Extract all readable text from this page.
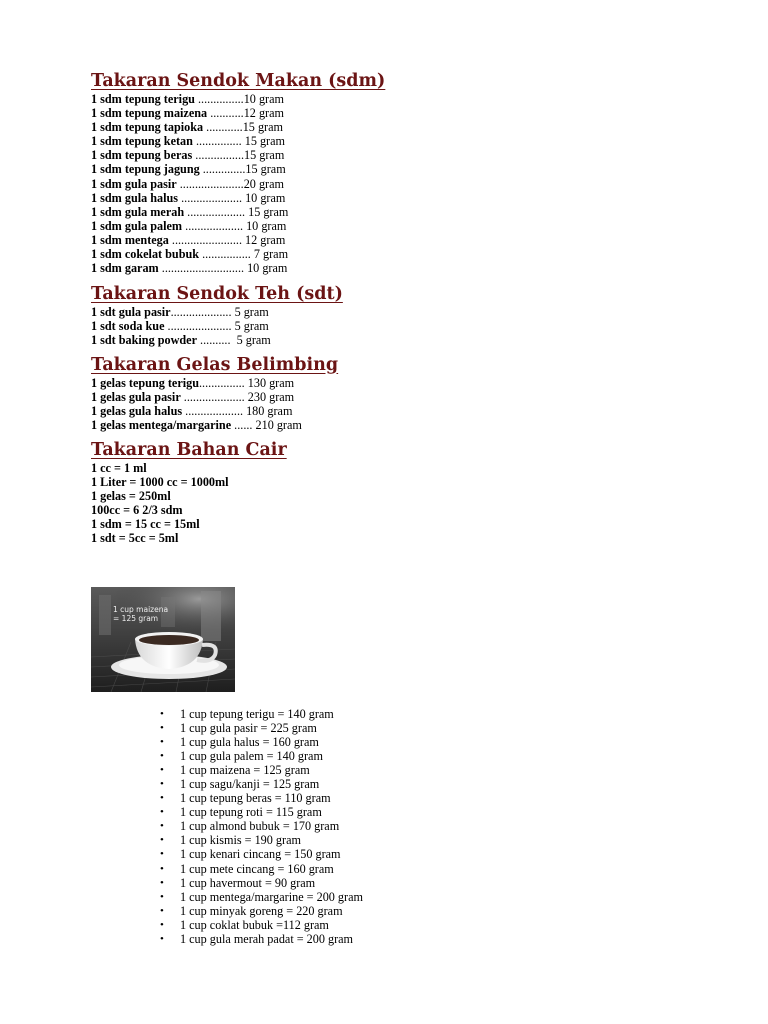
Takaran Sendok Makan (sdm)
1 sdm tepung terigu ...............10 gram
1 sdm tepung maizena ...........12 gram
1 sdm tepung tapioka ............15 gram
1 sdm tepung ketan ............... 15 gram
1 sdm tepung beras ................15 gram
1 sdm tepung jagung ..............15 gram
1 sdm gula pasir .....................20 gram
1 sdm gula halus .................... 10 gram
1 sdm gula merah ................... 15 gram
1 sdm gula palem ................... 10 gram
1 sdm mentega ....................... 12 gram
1 sdm cokelat bubuk ................ 7 gram
1 sdm garam ........................... 10 gram
Takaran Sendok Teh (sdt)
1 sdt gula pasir.................... 5 gram
1 sdt soda kue ..................... 5 gram
1 sdt baking powder ..........  5 gram
Takaran Gelas Belimbing
1 gelas tepung terigu............... 130 gram
1 gelas gula pasir .................... 230 gram
1 gelas gula halus ................... 180 gram
1 gelas mentega/margarine ...... 210 gram
Takaran Bahan Cair
1 cc = 1 ml
1 Liter = 1000 cc = 1000ml
1 gelas = 250ml
100cc = 6 2/3 sdm
1 sdm = 15 cc = 15ml
1 sdt = 5cc = 5ml
1 cup maizena
= 125 gram
• 1 cup tepung terigu = 140 gram
• 1 cup gula pasir = 225 gram
• 1 cup gula halus = 160 gram
• 1 cup gula palem = 140 gram
• 1 cup maizena = 125 gram
• 1 cup sagu/kanji = 125 gram
• 1 cup tepung beras = 110 gram
• 1 cup tepung roti = 115 gram
• 1 cup almond bubuk = 170 gram
• 1 cup kismis = 190 gram
• 1 cup kenari cincang = 150 gram
• 1 cup mete cincang = 160 gram
• 1 cup havermout = 90 gram
• 1 cup mentega/margarine = 200 gram
• 1 cup minyak goreng = 220 gram
• 1 cup coklat bubuk =112 gram
• 1 cup gula merah padat = 200 gram
